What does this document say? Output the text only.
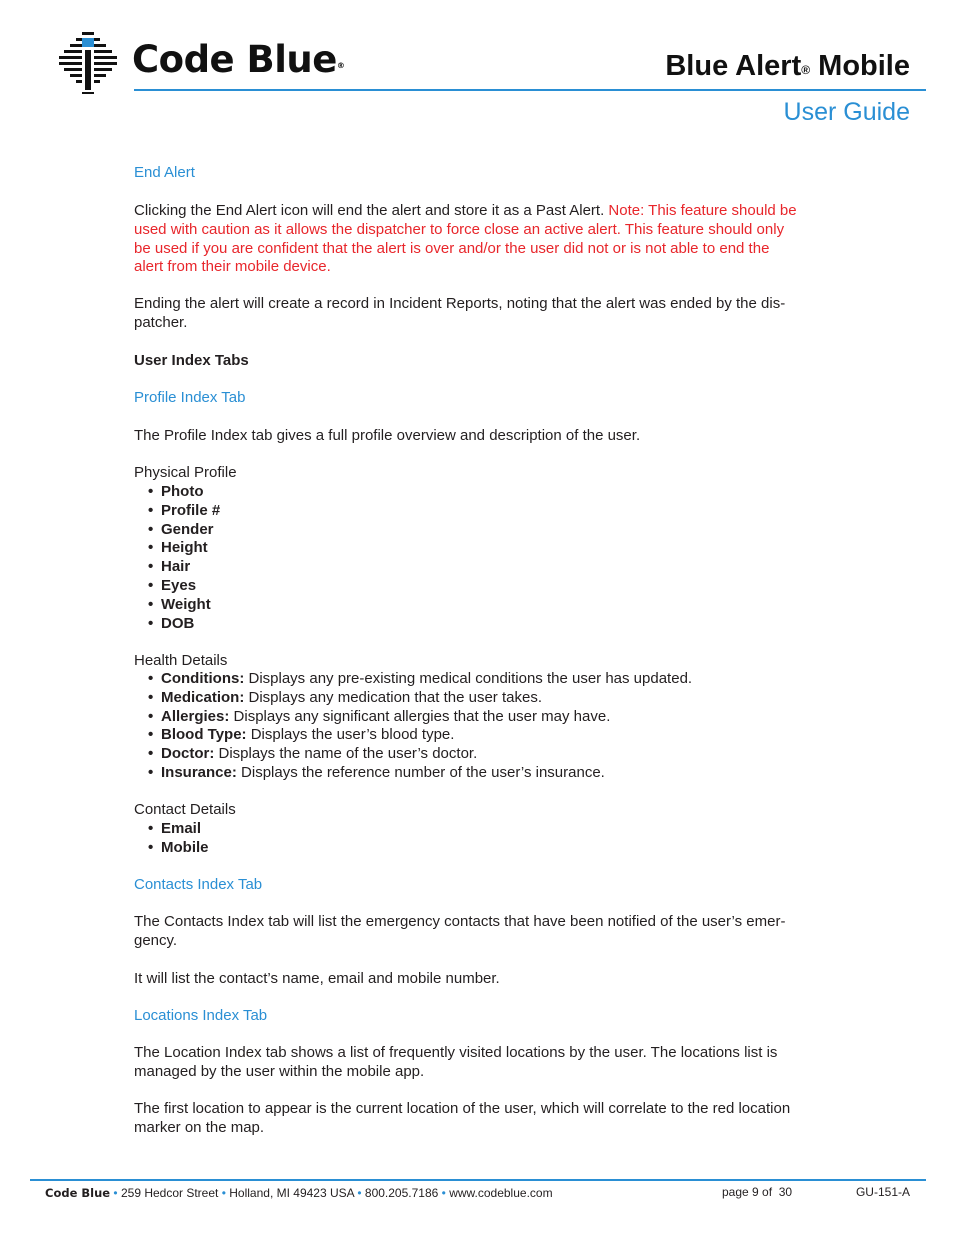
Code Blue®	Blue Alert® Mobile
User Guide
End Alert
Clicking the End Alert icon will end the alert and store it as a Past Alert. Note: This feature should be
used with caution as it allows the dispatcher to force close an active alert. This feature should only
be used if you are confident that the alert is over and/or the user did not or is not able to end the
alert from their mobile device.
Ending the alert will create a record in Incident Reports, noting that the alert was ended by the dis-
patcher.
User Index Tabs
Profile Index Tab
The Profile Index tab gives a full profile overview and description of the user.
Physical Profile
• Photo
• Profile #
• Gender
• Height
• Hair
• Eyes
• Weight
• DOB
Health Details
• Conditions: Displays any pre-existing medical conditions the user has updated.
• Medication: Displays any medication that the user takes.
• Allergies: Displays any significant allergies that the user may have.
• Blood Type: Displays the user’s blood type.
• Doctor: Displays the name of the user’s doctor.
• Insurance: Displays the reference number of the user’s insurance.
Contact Details
• Email
• Mobile
Contacts Index Tab
The Contacts Index tab will list the emergency contacts that have been notified of the user’s emer-
gency.
It will list the contact’s name, email and mobile number.
Locations Index Tab
The Location Index tab shows a list of frequently visited locations by the user. The locations list is
managed by the user within the mobile app.
The first location to appear is the current location of the user, which will correlate to the red location
marker on the map.
Code Blue • 259 Hedcor Street • Holland, MI 49423 USA • 800.205.7186 • www.codeblue.com	page 9 of  30	GU-151-A
